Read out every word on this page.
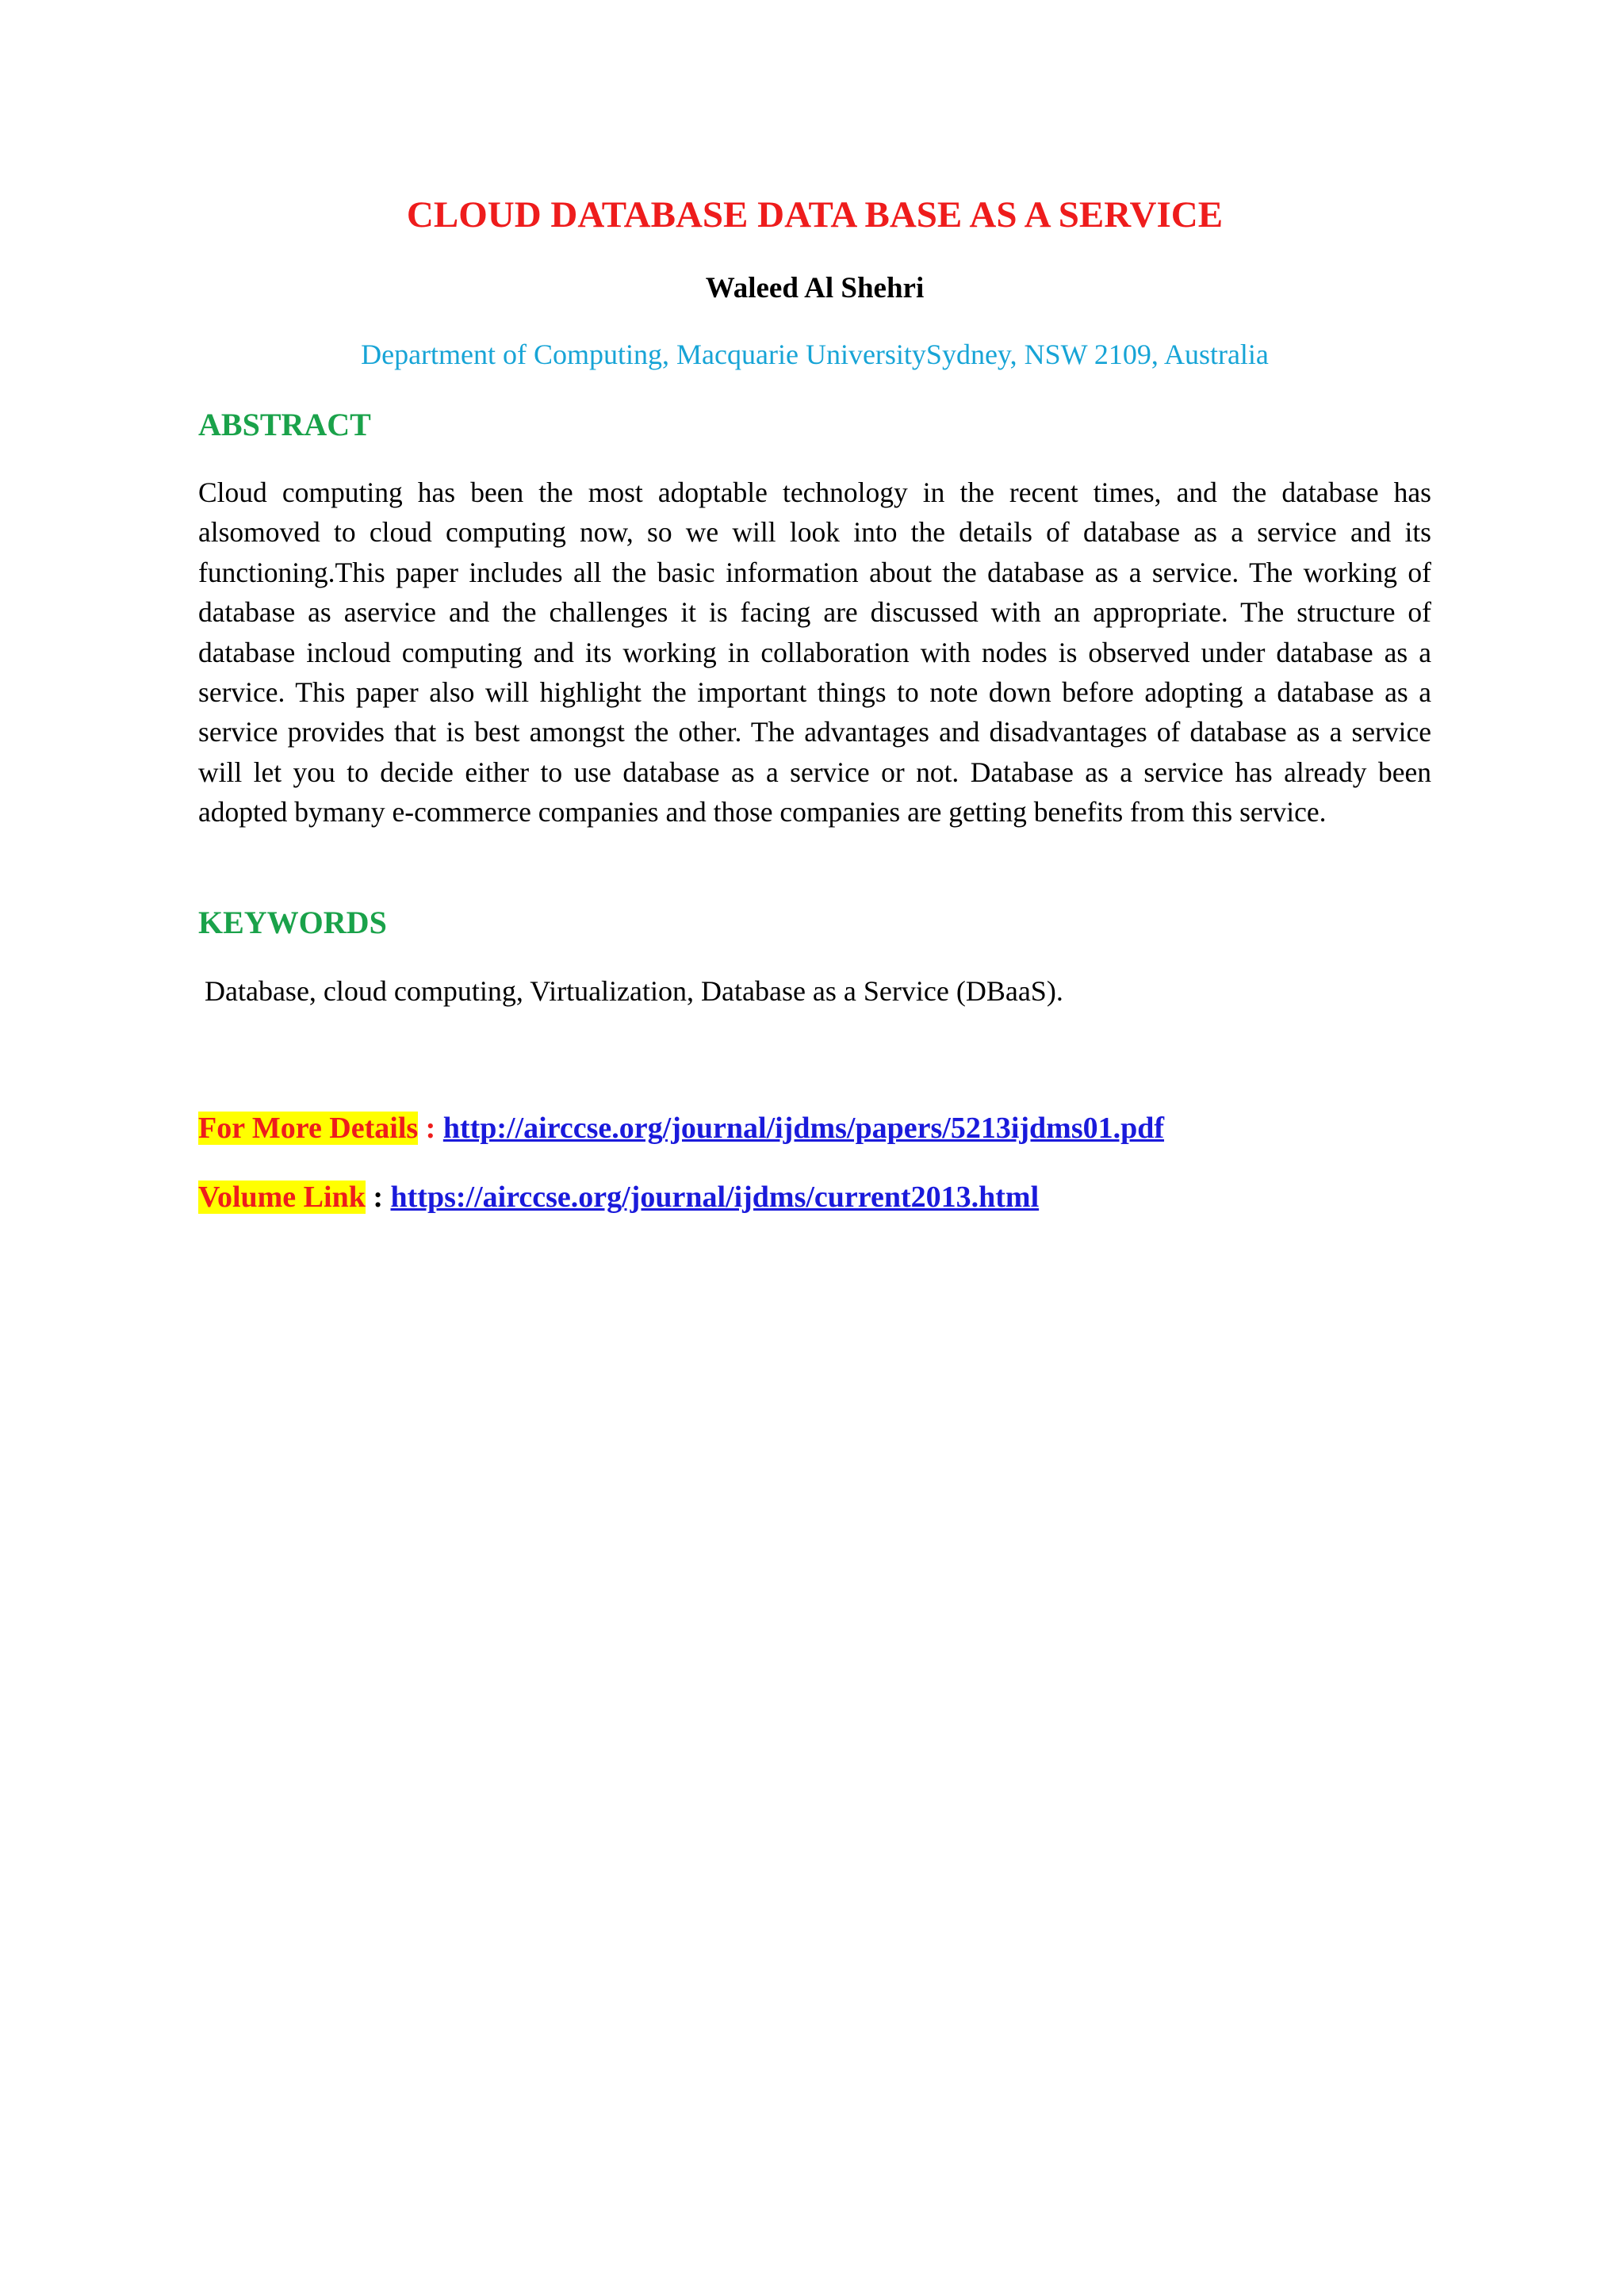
CLOUD DATABASE DATA BASE AS A SERVICE
Waleed Al Shehri
Department of Computing, Macquarie UniversitySydney, NSW 2109, Australia
ABSTRACT
Cloud computing has been the most adoptable technology in the recent times, and the database has alsomoved to cloud computing now, so we will look into the details of database as a service and its functioning.This paper includes all the basic information about the database as a service. The working of database as aservice and the challenges it is facing are discussed with an appropriate. The structure of database incloud computing and its working in collaboration with nodes is observed under database as a service. This paper also will highlight the important things to note down before adopting a database as a service provides that is best amongst the other. The advantages and disadvantages of database as a service will let you to decide either to use database as a service or not. Database as a service has already been adopted bymany e-commerce companies and those companies are getting benefits from this service.
KEYWORDS
Database, cloud computing, Virtualization, Database as a Service (DBaaS).
For More Details : http://airccse.org/journal/ijdms/papers/5213ijdms01.pdf
Volume Link : https://airccse.org/journal/ijdms/current2013.html
